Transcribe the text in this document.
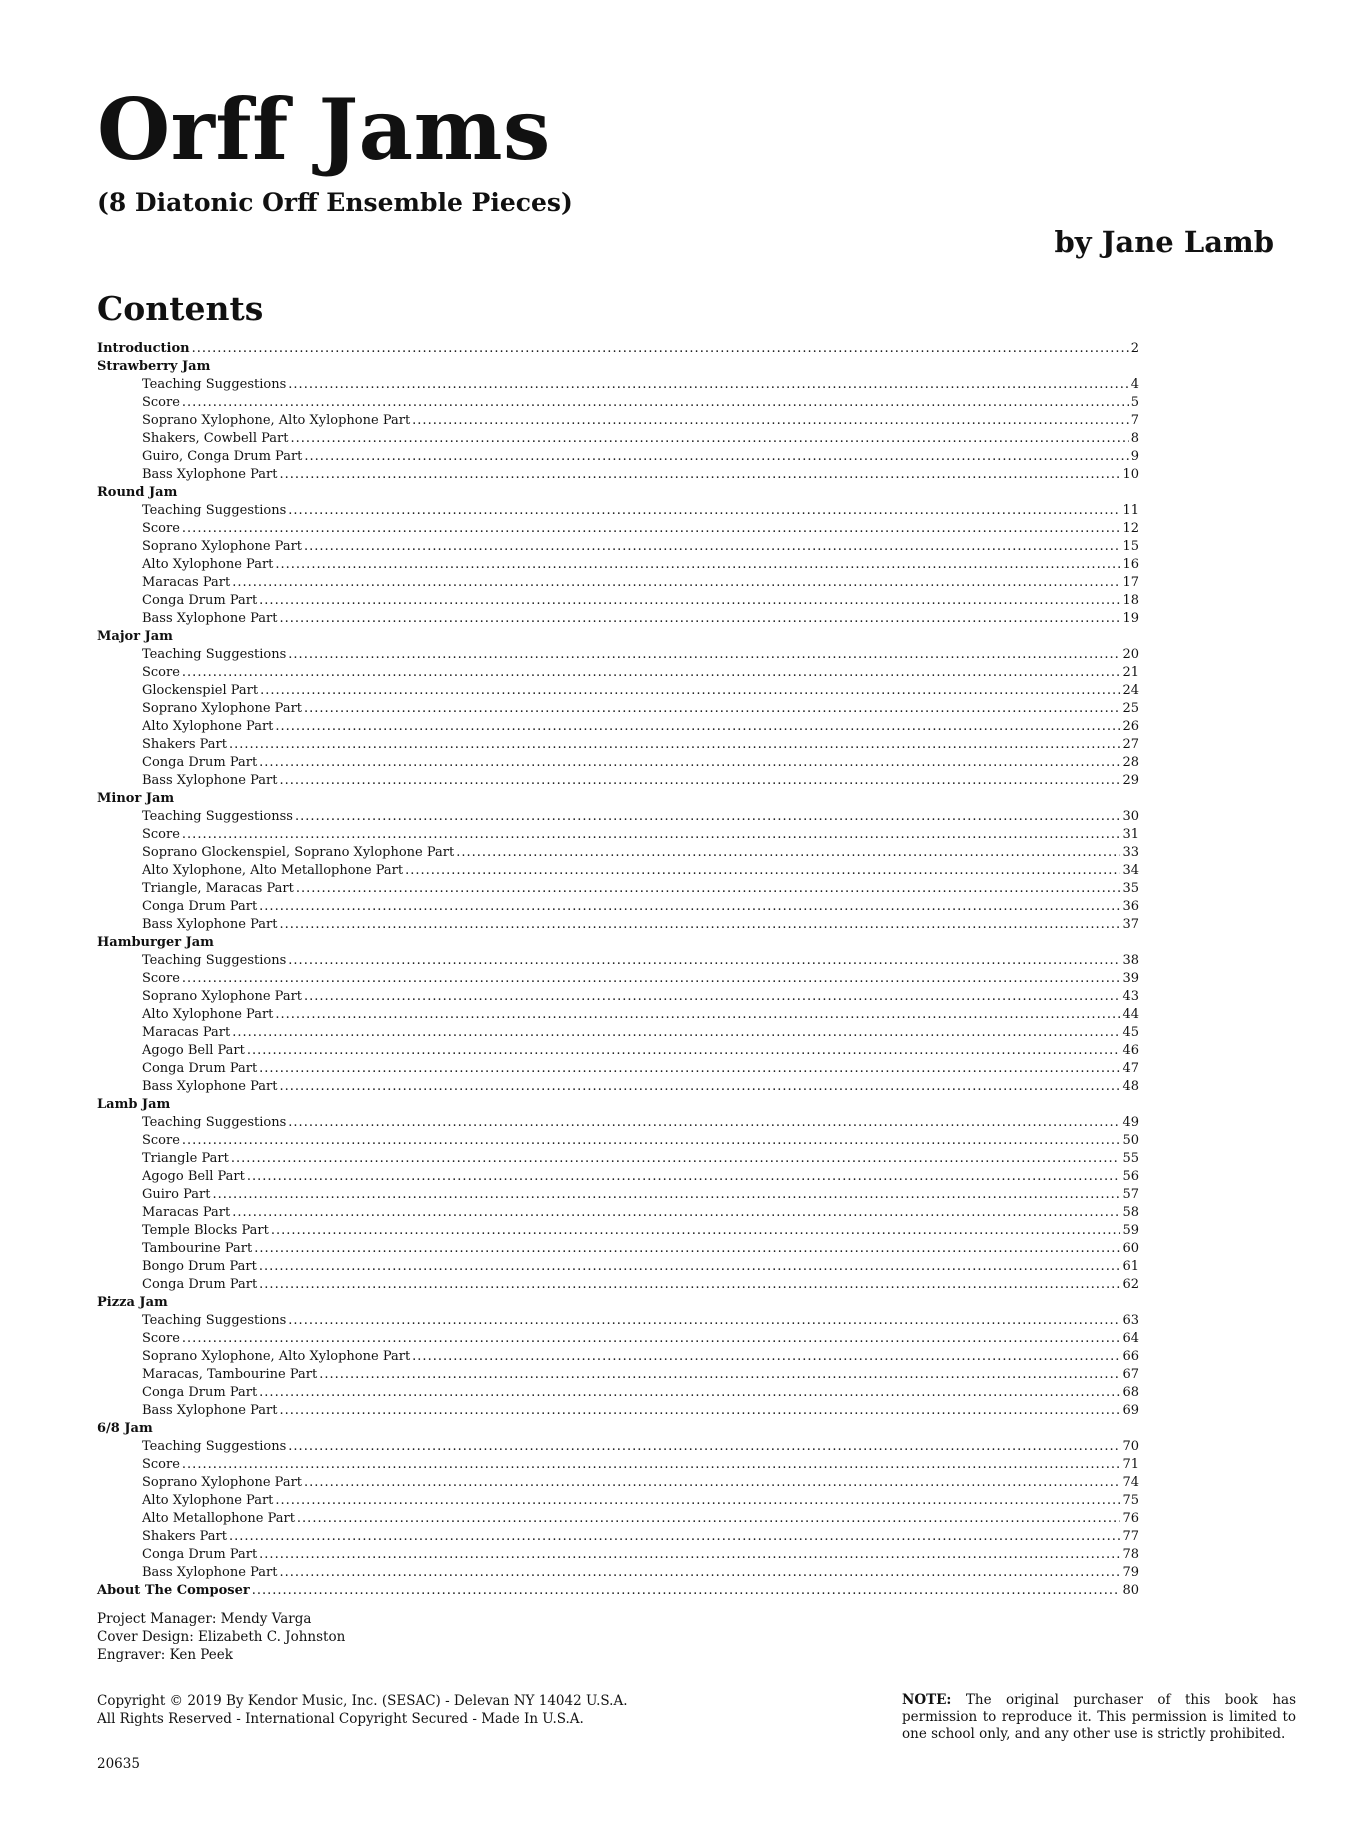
Orff Jams
(8 Diatonic Orff Ensemble Pieces)
by Jane Lamb
Contents
Introduction .....	2
Strawberry Jam
Teaching Suggestions .....	4
Score .....	5
Soprano Xylophone, Alto Xylophone Part .....	7
Shakers, Cowbell Part .....	8
Guiro, Conga Drum Part .....	9
Bass Xylophone Part .....	10
Round Jam
Teaching Suggestions .....	11
Score .....	12
Soprano Xylophone Part .....	15
Alto Xylophone Part .....	16
Maracas Part .....	17
Conga Drum Part .....	18
Bass Xylophone Part .....	19
Major Jam
Teaching Suggestions .....	20
Score .....	21
Glockenspiel Part .....	24
Soprano Xylophone Part .....	25
Alto Xylophone Part .....	26
Shakers Part .....	27
Conga Drum Part .....	28
Bass Xylophone Part .....	29
Minor Jam
Teaching Suggestionss .....	30
Score .....	31
Soprano Glockenspiel, Soprano Xylophone Part .....	33
Alto Xylophone, Alto Metallophone Part .....	34
Triangle, Maracas Part .....	35
Conga Drum Part .....	36
Bass Xylophone Part .....	37
Hamburger Jam
Teaching Suggestions .....	38
Score .....	39
Soprano Xylophone Part .....	43
Alto Xylophone Part .....	44
Maracas Part .....	45
Agogo Bell Part .....	46
Conga Drum Part .....	47
Bass Xylophone Part .....	48
Lamb Jam
Teaching Suggestions .....	49
Score .....	50
Triangle Part .....	55
Agogo Bell Part .....	56
Guiro Part .....	57
Maracas Part .....	58
Temple Blocks Part .....	59
Tambourine Part .....	60
Bongo Drum Part .....	61
Conga Drum Part .....	62
Pizza Jam
Teaching Suggestions .....	63
Score .....	64
Soprano Xylophone, Alto Xylophone Part .....	66
Maracas, Tambourine Part .....	67
Conga Drum Part .....	68
Bass Xylophone Part .....	69
6/8 Jam
Teaching Suggestions .....	70
Score .....	71
Soprano Xylophone Part .....	74
Alto Xylophone Part .....	75
Alto Metallophone Part .....	76
Shakers Part .....	77
Conga Drum Part .....	78
Bass Xylophone Part .....	79
About The Composer .....	80
Project Manager: Mendy Varga
Cover Design: Elizabeth C. Johnston
Engraver: Ken Peek
Copyright © 2019 By Kendor Music, Inc. (SESAC) - Delevan NY 14042 U.S.A.
All Rights Reserved - International Copyright Secured - Made In U.S.A.
NOTE: The original purchaser of this book has permission to reproduce it. This permission is limited to one school only, and any other use is strictly prohibited.
20635
